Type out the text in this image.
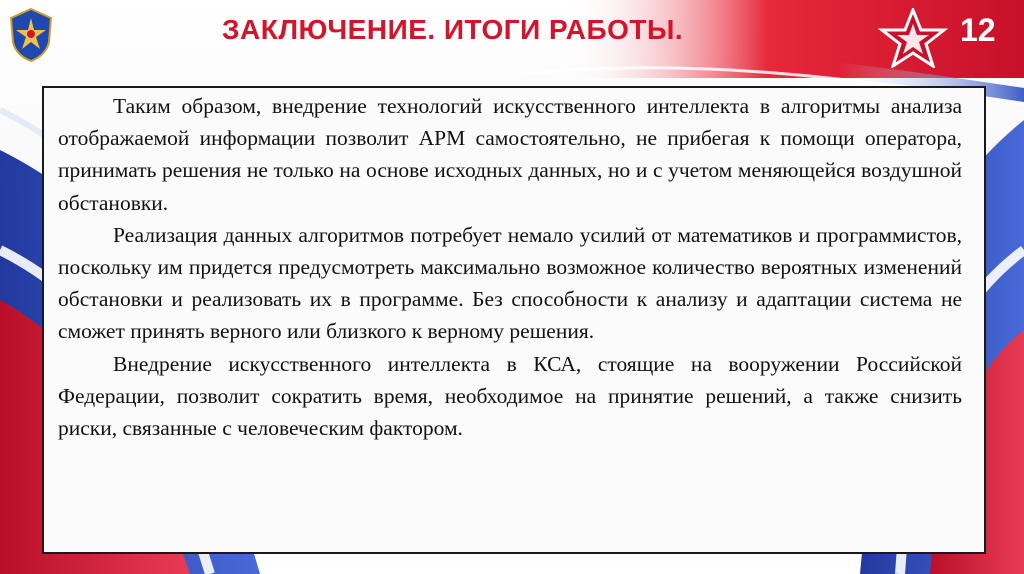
ЗАКЛЮЧЕНИЕ. ИТОГИ РАБОТЫ.	12

Таким образом, внедрение технологий искусственного интеллекта в алгоритмы анализа отображаемой информации позволит АРМ самостоятельно, не прибегая к помощи оператора, принимать решения не только на основе исходных данных, но и с учетом меняющейся воздушной обстановки.

Реализация данных алгоритмов потребует немало усилий от математиков и программистов, поскольку им придется предусмотреть максимально возможное количество вероятных изменений обстановки и реализовать их в программе. Без способности к анализу и адаптации система не сможет принять верного или близкого к верному решения.

Внедрение искусственного интеллекта в КСА, стоящие на вооружении Российской Федерации, позволит сократить время, необходимое на принятие решений, а также снизить риски, связанные с человеческим фактором.
